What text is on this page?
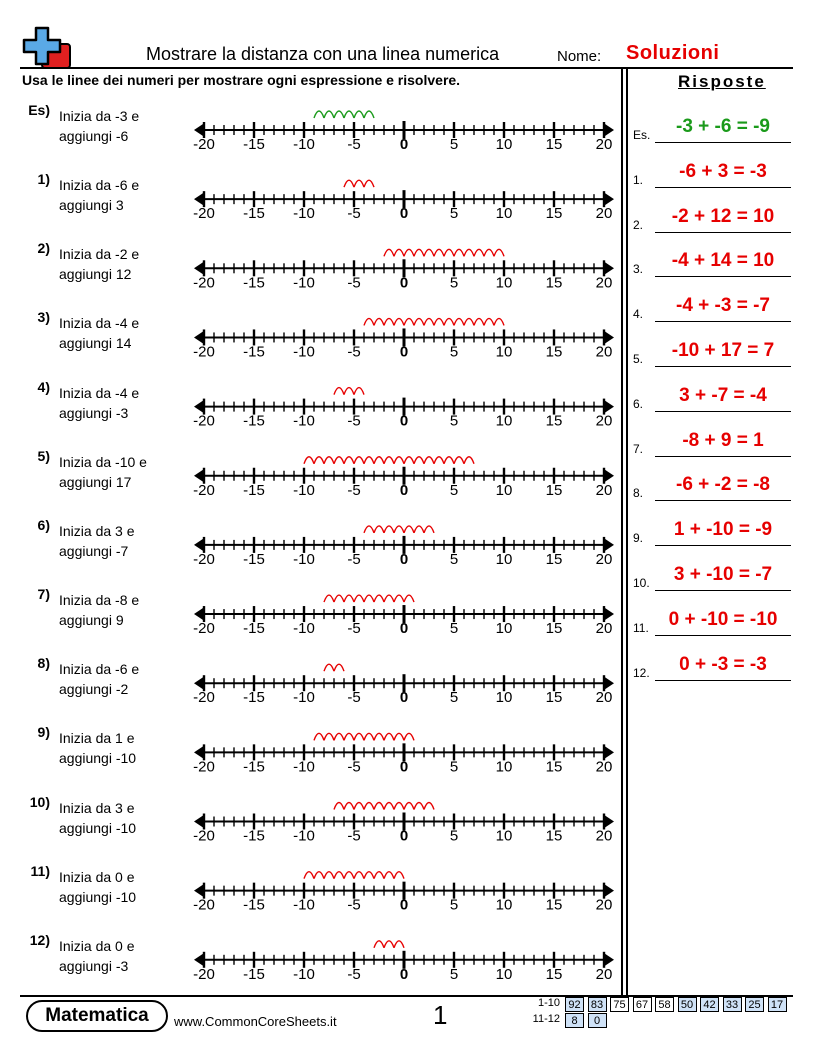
Mostrare la distanza con una linea numerica	Nome: Soluzioni
Usa le linee dei numeri per mostrare ogni espressione e risolvere.	Risposte
-20 -15 -10 -5	0	5 10 15 20
-20 -15 -10 -5	0	5 10 15 20
-20 -15 -10 -5	0	5 10 15 20
-20 -15 -10 -5	0	5 10 15 20
-20 -15 -10 -5	0	5 10 15 20
-20 -15 -10 -5	0	5 10 15 20
-20 -15 -10 -5	0	5 10 15 20
-20 -15 -10 -5	0	5 10 15 20
-20 -15 -10 -5	0	5 10 15 20
-20 -15 -10 -5	0	5 10 15 20
-20 -15 -10 -5	0	5 10 15 20
-20 -15 -10 -5	0	5 10 15 20
-20 -15 -10 -5	0	5 10 15 20
Es) Inizia da -3 e
aggiungi -6
1) Inizia da -6 e
aggiungi 3
2) Inizia da -2 e
aggiungi 12
3) Inizia da -4 e
aggiungi 14
4) Inizia da -4 e
aggiungi -3
5) Inizia da -10 e
aggiungi 17
6) Inizia da 3 e
aggiungi -7
7) Inizia da -8 e
aggiungi 9
8) Inizia da -6 e
aggiungi -2
9) Inizia da 1 e
aggiungi -10
10) Inizia da 3 e
aggiungi -10
11) Inizia da 0 e
aggiungi -10
12) Inizia da 0 e
aggiungi -3
Es.	-3 + -6 = -9
1.	-6 + 3 = -3
2.	-2 + 12 = 10
3.	-4 + 14 = 10
4.	-4 + -3 = -7
5.	-10 + 17 = 7
6.	3 + -7 = -4
7.	-8 + 9 = 1
8.	-6 + -2 = -8
9.	1 + -10 = -9
10.	3 + -10 = -7
11.	0 + -10 = -10
12.	0 + -3 = -3
Matematica	www.CommonCoreSheets.it	1	1-10 92 83 75 67 58 50 42 33 25 17
11-12	8	0
